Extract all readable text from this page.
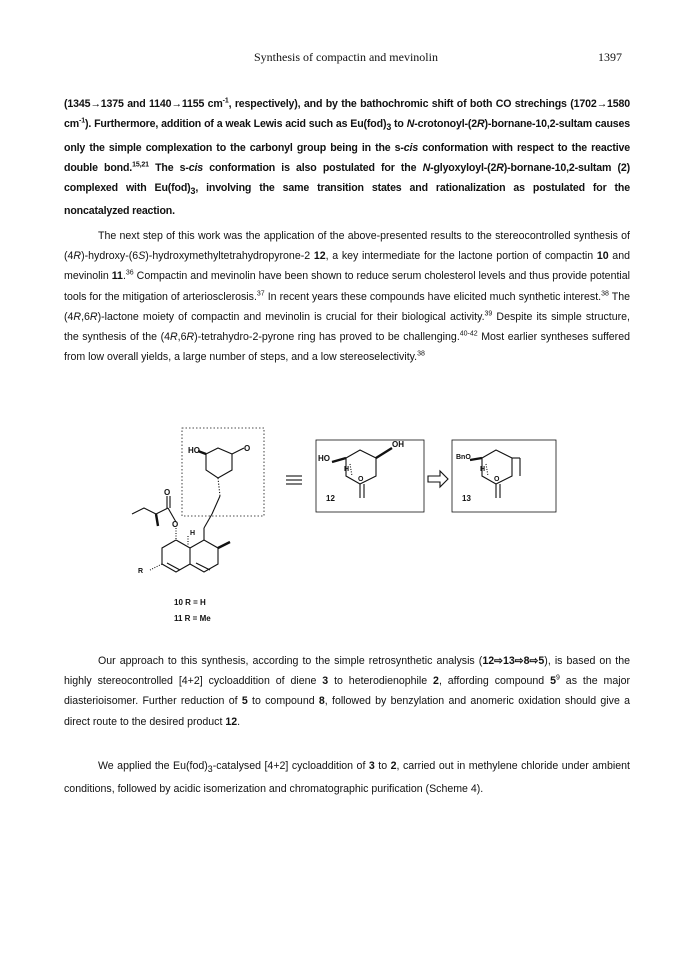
Synthesis of compactin and mevinolin	1397

(1345→1375 and 1140→1155 $cm^{-1}$, respectively), and by the bathochromic shift of both CO strechings (1702→1580 $cm^{-1}$). Furthermore, addition of a weak Lewis acid such as $Eu(fod)_3$ to N-crotonoyl-(2R)-bornane-10,2-sultam causes only the simple complexation to the carbonyl group being in the s-cis conformation with respect to the reactive double bond.$^{15,21}$ The s-cis conformation is also postulated for the N-glyoxyloyl-(2R)-bornane-10,2-sultam (2) complexed with $Eu(fod)_3$, involving the same transition states and rationalization as postulated for the noncatalyzed reaction.

The next step of this work was the application of the above-presented results to the stereocontrolled synthesis of (4R)-hydroxy-(6S)-hydroxymethyltetrahydropyrone-2 12, a key intermediate for the lactone portion of compactin 10 and mevinolin 11.36 Compactin and mevinolin have been shown to reduce serum cholesterol levels and thus provide potential tools for the mitigation of arteriosclerosis.$^{37}$ In recent years these compounds have elicited much synthetic interest.$^{38}$ The (4R,6R)-lactone moiety of compactin and mevinolin is crucial for their biological activity.$^{39}$ Despite its simple structure, the synthesis of the (4R,6R)-tetrahydro-2-pyrone ring has proved to be challenging.$^{40-42}$ Most earlier syntheses suffered from low overall yields, a large number of steps, and a low stereoselectivity.$^{38}$

HO	O
HO
OH
H
O
12
BnO
H
O
13
O
O
H
R
10 R = H
11 R = Me

Our approach to this synthesis, according to the simple retrosynthetic analysis (12⇨13⇨8⇨5), is based on the highly stereocontrolled [4+2] cycloaddition of diene 3 to heterodienophile 2, affording compound $5^9$ as the major diasterioisomer. Further reduction of 5 to compound 8, followed by benzylation and anomeric oxidation should give a direct route to the desired product 12.

We applied the $Eu(fod)_3$-catalysed [4+2] cycloaddition of 3 to 2, carried out in methylene chloride under ambient conditions, followed by acidic isomerization and chromatographic purification (Scheme 4).
